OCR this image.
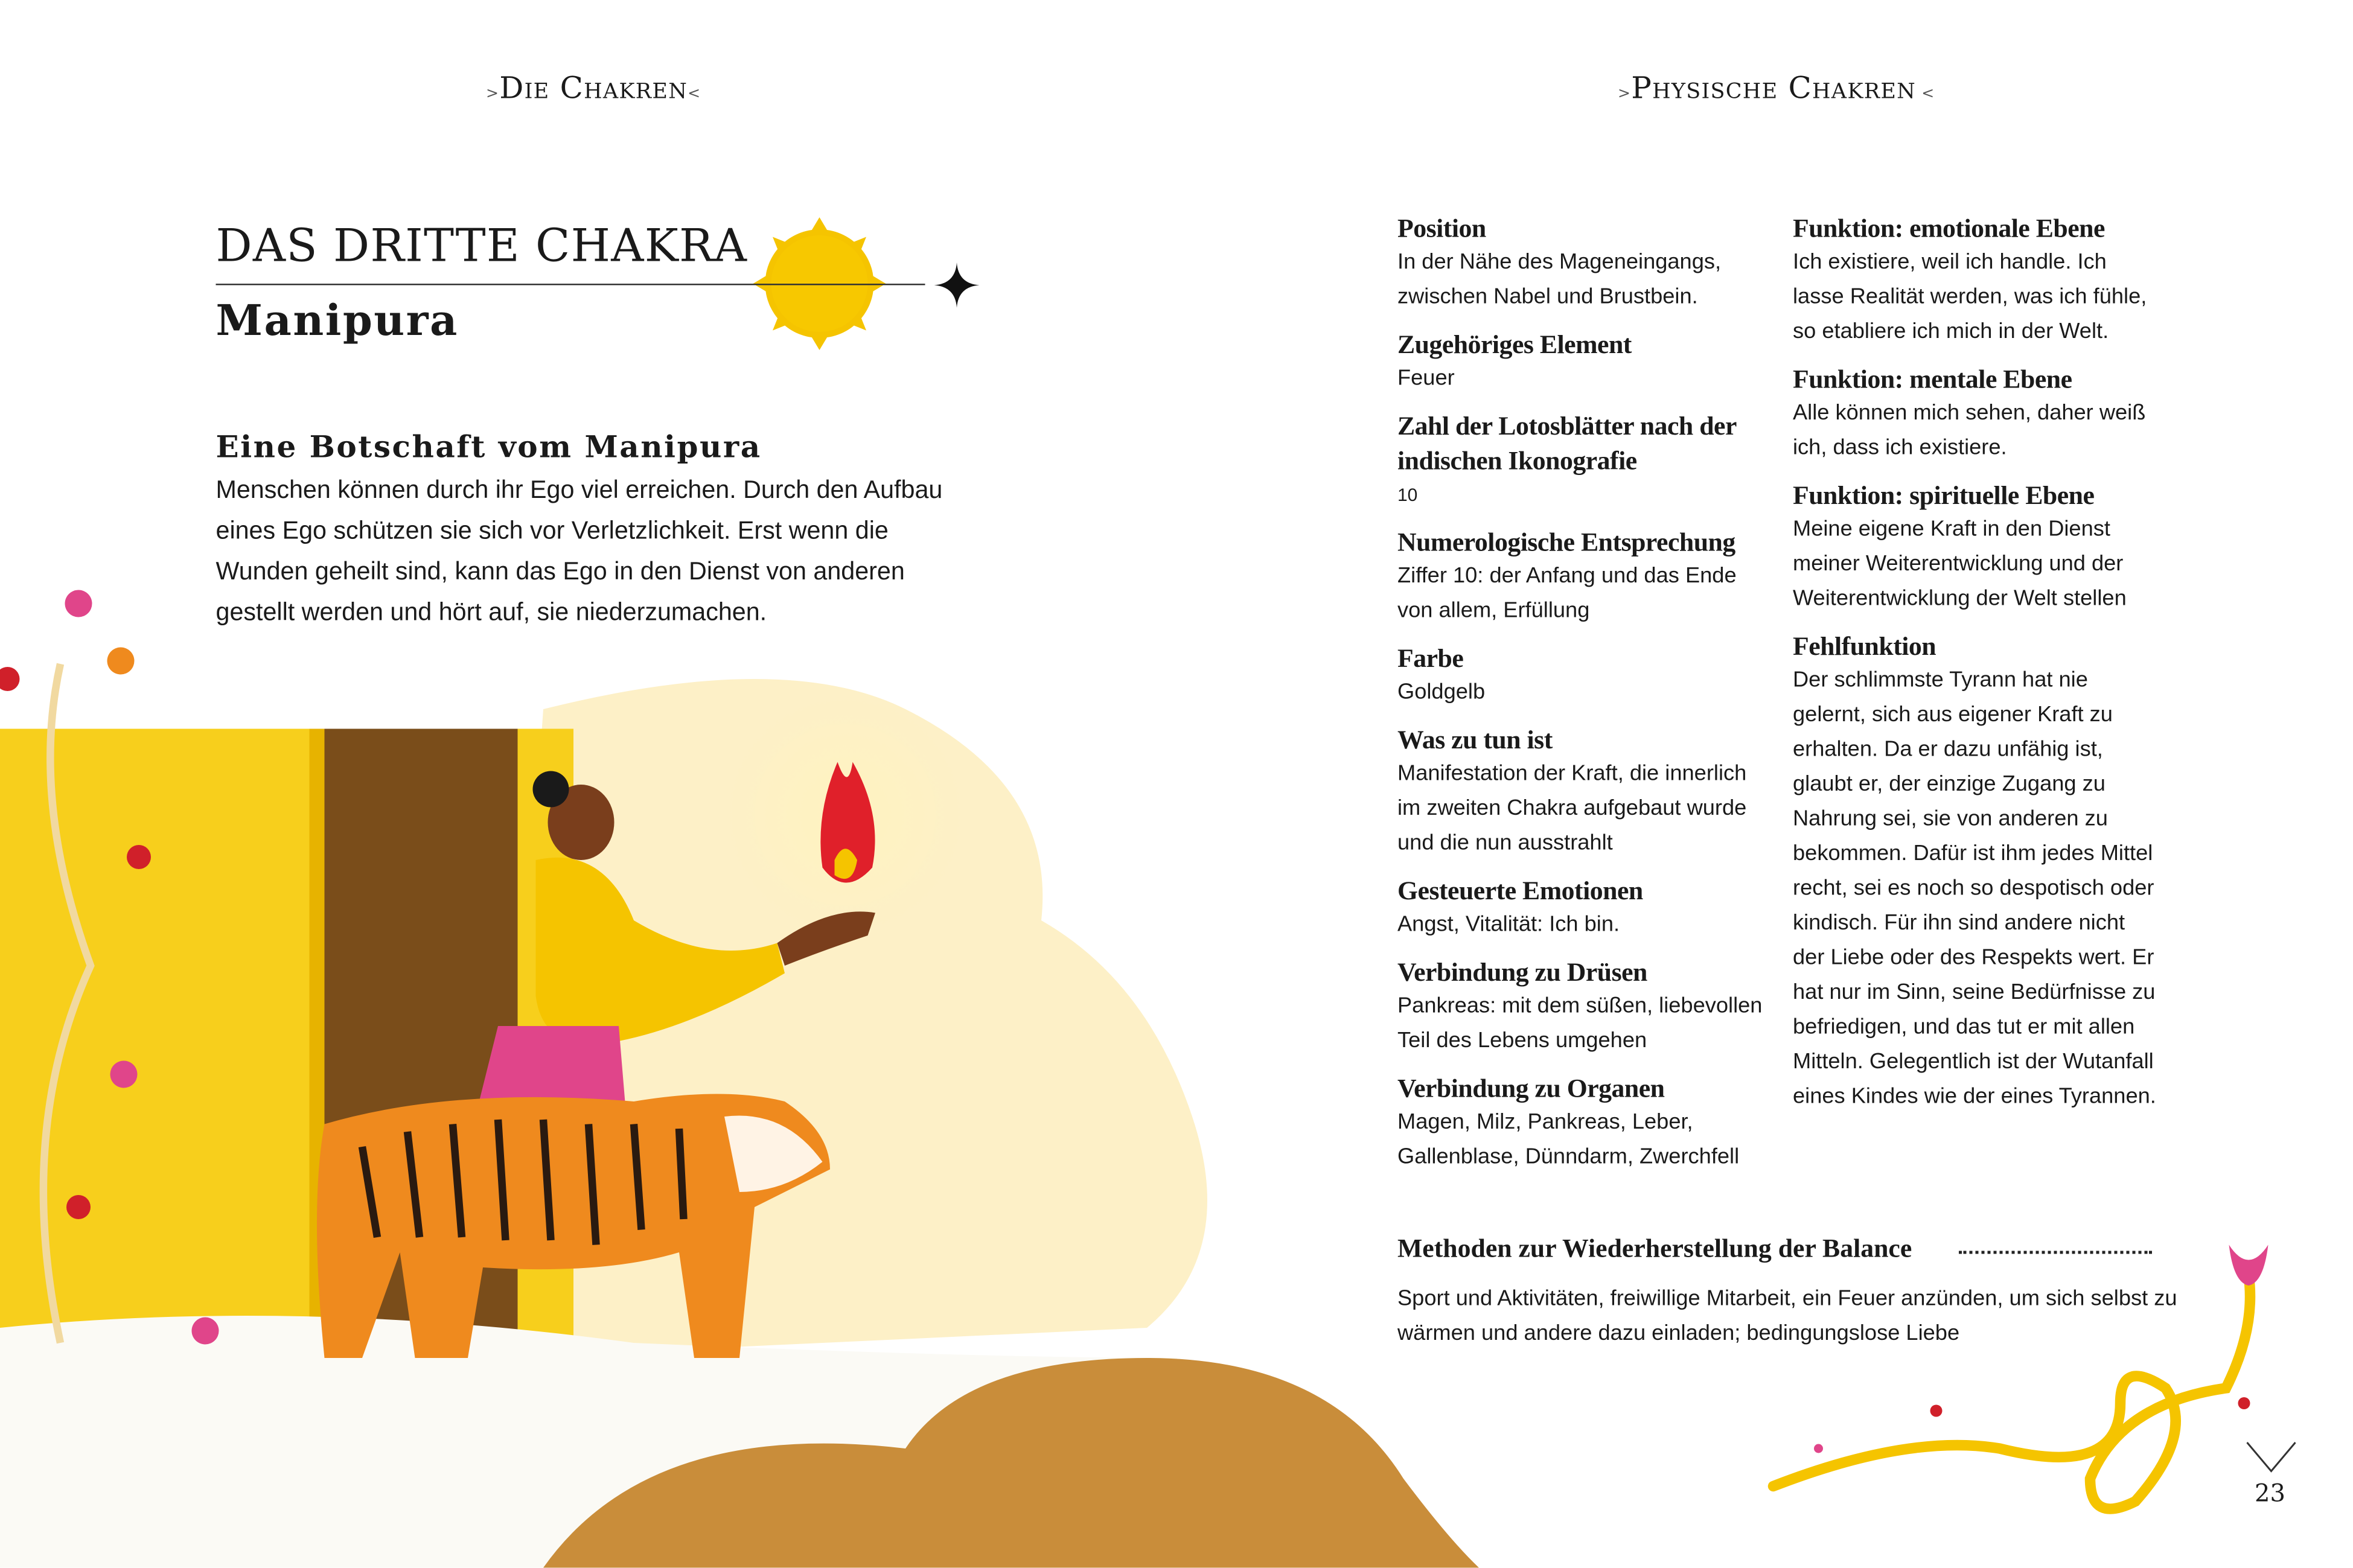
>Die Chakren<	>Physische Chakren <
DAS DRITTE CHAKRA
Manipura
Eine Botschaft vom Manipura
Menschen können durch ihr Ego viel erreichen. Durch den Aufbau eines Ego schützen sie sich vor Verletzlichkeit. Erst wenn die Wunden geheilt sind, kann das Ego in den Dienst von anderen gestellt werden und hört auf, sie niederzumachen.
Position

In der Nähe des Mageneingangs, zwischen Nabel und Brustbein.

Zugehöriges Element

Feuer

Zahl der Lotosblätter nach der indischen Ikonografie

10

Numerologische Entsprechung

Ziffer 10: der Anfang und das Ende von allem, Erfüllung

Farbe

Goldgelb

Was zu tun ist

Manifestation der Kraft, die innerlich im zweiten Chakra aufgebaut wurde und die nun ausstrahlt

Gesteuerte Emotionen

Angst, Vitalität: Ich bin.

Verbindung zu Drüsen

Pankreas: mit dem süßen, liebevollen Teil des Lebens umgehen

Verbindung zu Organen

Magen, Milz, Pankreas, Leber, Gallenblase, Dünndarm, Zwerchfell

Funktion: emotionale Ebene

Ich existiere, weil ich handle. Ich lasse Realität werden, was ich fühle, so etabliere ich mich in der Welt.

Funktion: mentale Ebene

Alle können mich sehen, daher weiß ich, dass ich existiere.

Funktion: spirituelle Ebene

Meine eigene Kraft in den Dienst meiner Weiterentwicklung und der Weiterentwicklung der Welt stellen

Fehlfunktion

Der schlimmste Tyrann hat nie gelernt, sich aus eigener Kraft zu erhalten. Da er dazu unfähig ist, glaubt er, der einzige Zugang zu Nahrung sei, sie von anderen zu bekommen. Dafür ist ihm jedes Mittel recht, sei es noch so despotisch oder kindisch. Für ihn sind andere nicht der Liebe oder des Respekts wert. Er hat nur im Sinn, seine Bedürfnisse zu befriedigen, und das tut er mit allen Mitteln. Gelegentlich ist der Wutanfall eines Kindes wie der eines Tyrannen.

Methoden zur Wiederherstellung der Balance
Sport und Aktivitäten, freiwillige Mitarbeit, ein Feuer anzünden, um sich selbst zu wärmen und andere dazu einladen; bedingungslose Liebe
23
